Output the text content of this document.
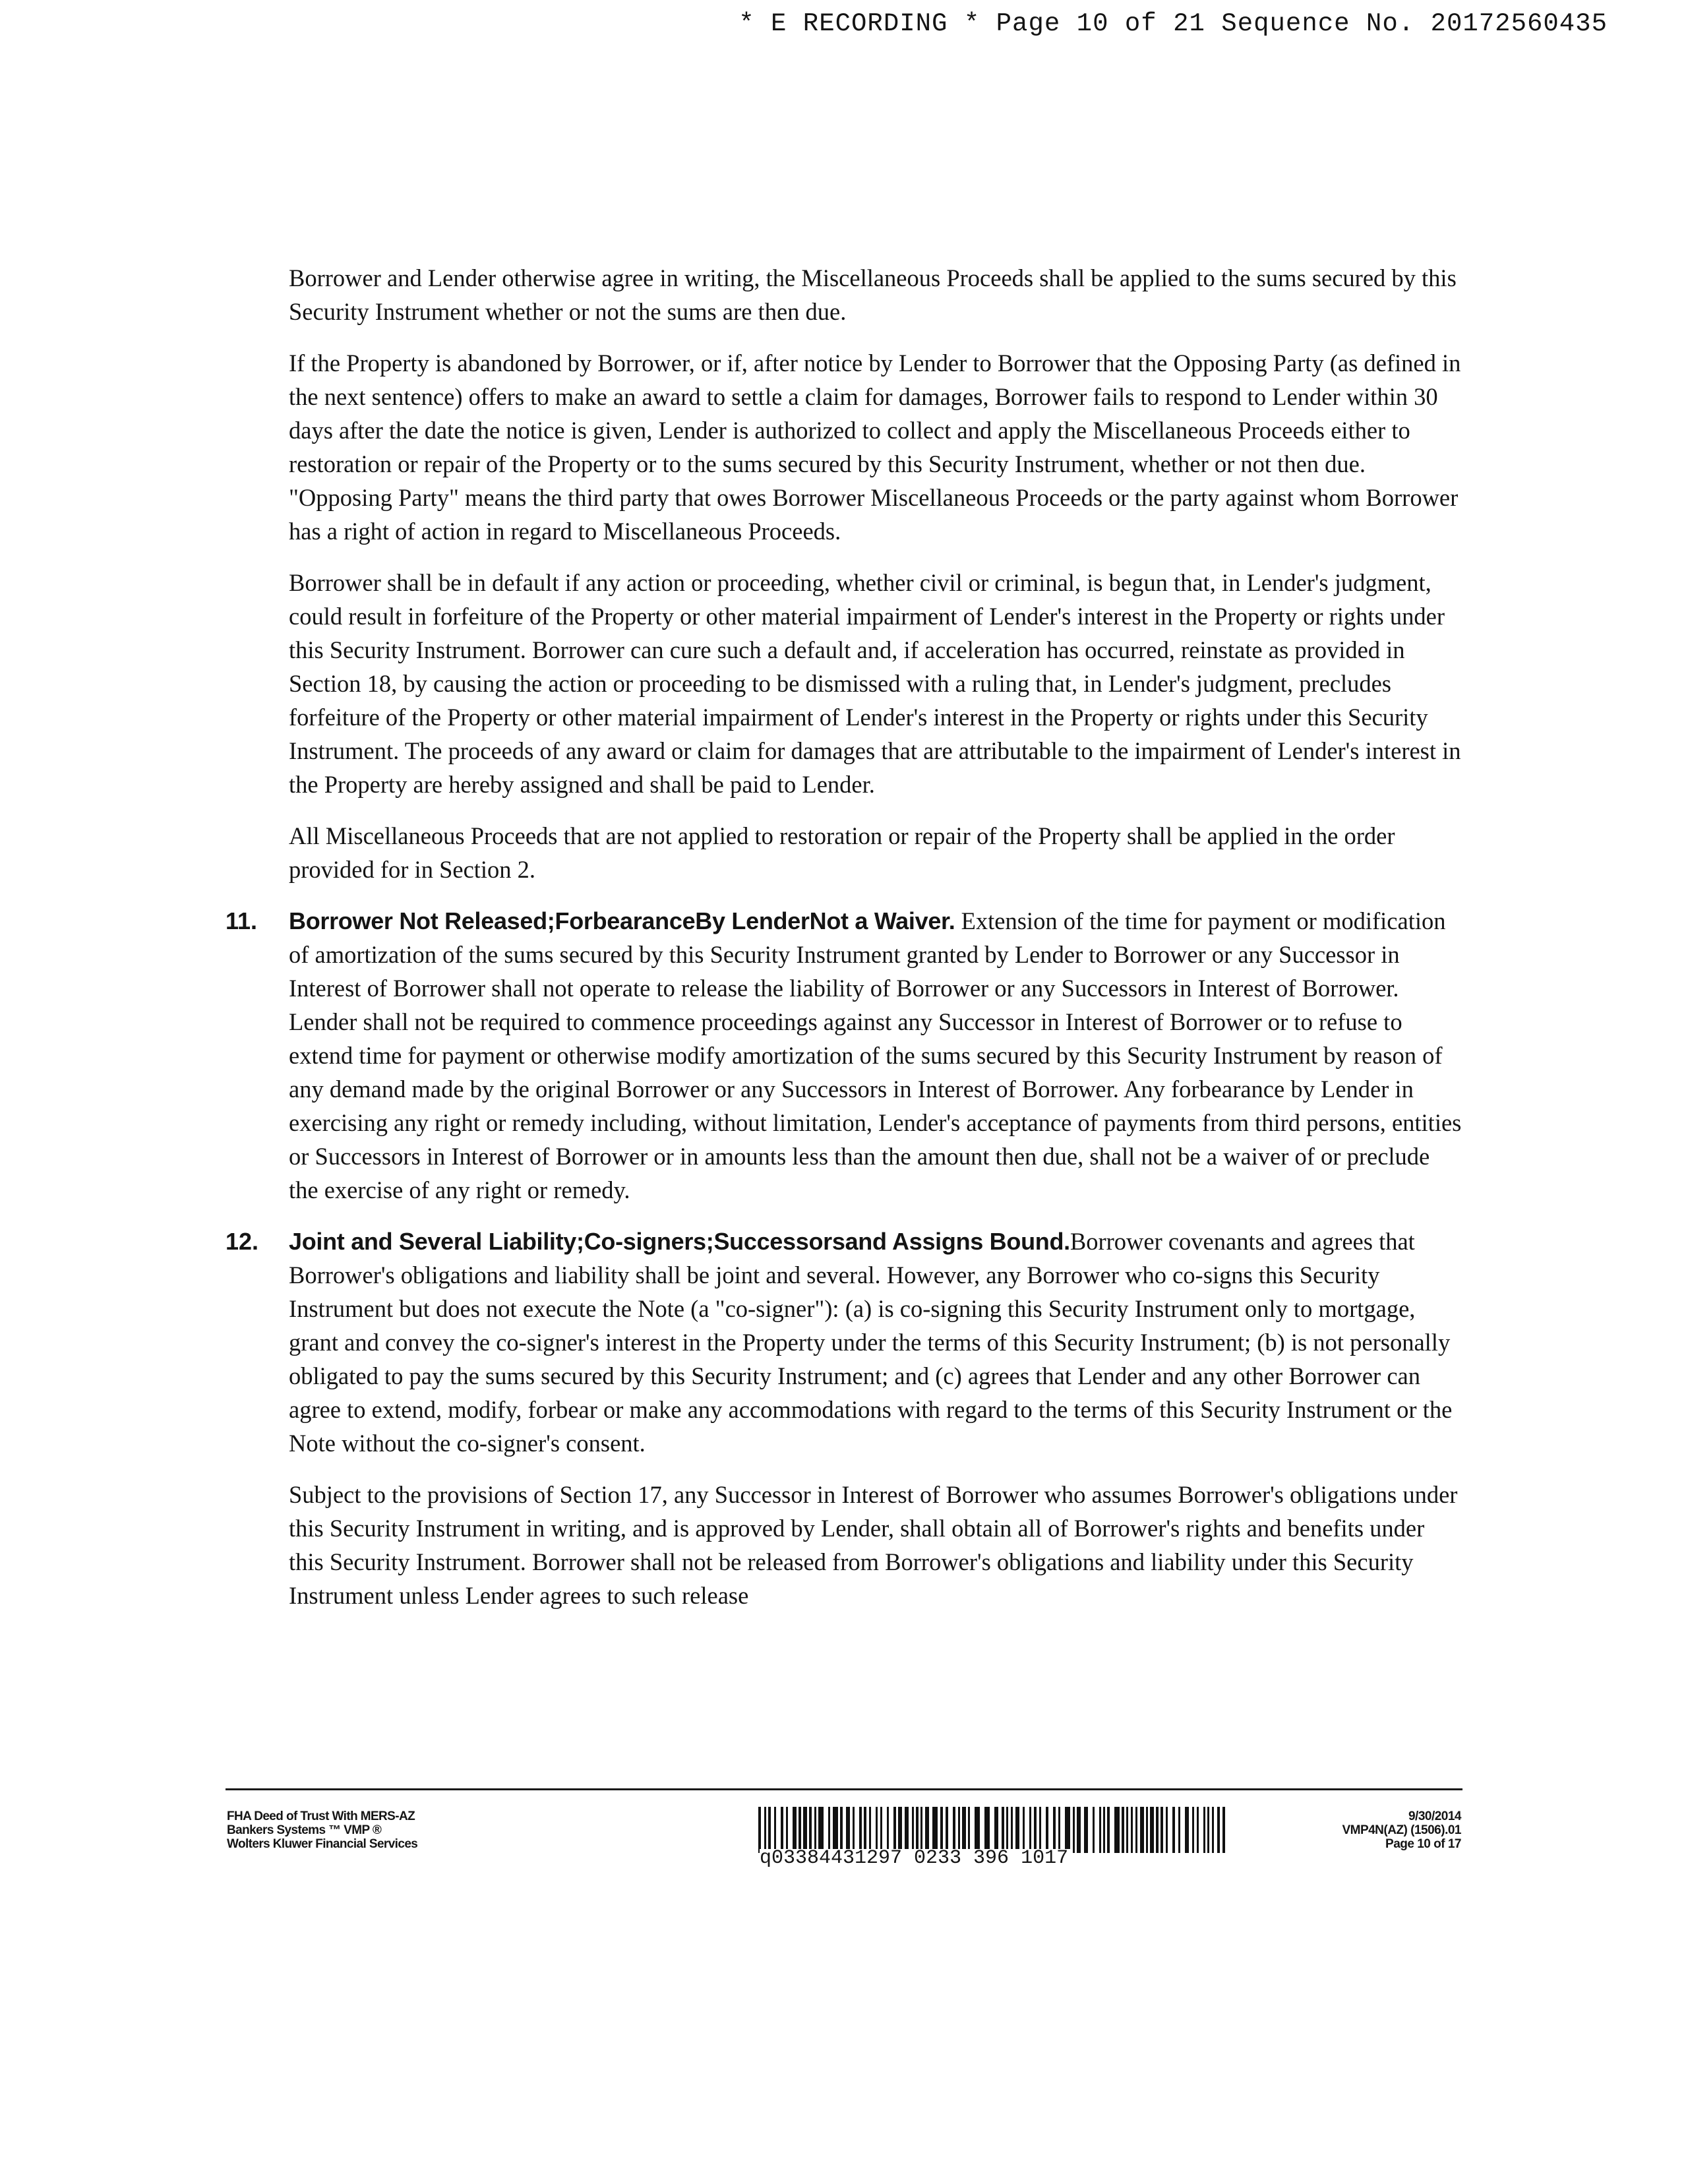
* E RECORDING * Page 10 of 21 Sequence No. 20172560435

Borrower and Lender otherwise agree in writing, the Miscellaneous Proceeds shall be applied to the sums secured by this Security Instrument whether or not the sums are then due.

If the Property is abandoned by Borrower, or if, after notice by Lender to Borrower that the Opposing Party (as defined in the next sentence) offers to make an award to settle a claim for damages, Borrower fails to respond to Lender within 30 days after the date the notice is given, Lender is authorized to collect and apply the Miscellaneous Proceeds either to restoration or repair of the Property or to the sums secured by this Security Instrument, whether or not then due. "Opposing Party" means the third party that owes Borrower Miscellaneous Proceeds or the party against whom Borrower has a right of action in regard to Miscellaneous Proceeds.

Borrower shall be in default if any action or proceeding, whether civil or criminal, is begun that, in Lender's judgment, could result in forfeiture of the Property or other material impairment of Lender's interest in the Property or rights under this Security Instrument. Borrower can cure such a default and, if acceleration has occurred, reinstate as provided in Section 18, by causing the action or proceeding to be dismissed with a ruling that, in Lender's judgment, precludes forfeiture of the Property or other material impairment of Lender's interest in the Property or rights under this Security Instrument. The proceeds of any award or claim for damages that are attributable to the impairment of Lender's interest in the Property are hereby assigned and shall be paid to Lender.

All Miscellaneous Proceeds that are not applied to restoration or repair of the Property shall be applied in the order provided for in Section 2.

11. Borrower Not Released;ForbearanceBy LenderNot a Waiver. Extension of the time for payment or modification of amortization of the sums secured by this Security Instrument granted by Lender to Borrower or any Successor in Interest of Borrower shall not operate to release the liability of Borrower or any Successors in Interest of Borrower. Lender shall not be required to commence proceedings against any Successor in Interest of Borrower or to refuse to extend time for payment or otherwise modify amortization of the sums secured by this Security Instrument by reason of any demand made by the original Borrower or any Successors in Interest of Borrower. Any forbearance by Lender in exercising any right or remedy including, without limitation, Lender's acceptance of payments from third persons, entities or Successors in Interest of Borrower or in amounts less than the amount then due, shall not be a waiver of or preclude the exercise of any right or remedy.
12. Joint and Several Liability;Co-signers;Successorsand Assigns Bound.Borrower covenants and agrees that Borrower's obligations and liability shall be joint and several. However, any Borrower who co-signs this Security Instrument but does not execute the Note (a "co-signer"): (a) is co-signing this Security Instrument only to mortgage, grant and convey the co-signer's interest in the Property under the terms of this Security Instrument; (b) is not personally obligated to pay the sums secured by this Security Instrument; and (c) agrees that Lender and any other Borrower can agree to extend, modify, forbear or make any accommodations with regard to the terms of this Security Instrument or the Note without the co-signer's consent.

Subject to the provisions of Section 17, any Successor in Interest of Borrower who assumes Borrower's obligations under this Security Instrument in writing, and is approved by Lender, shall obtain all of Borrower's rights and benefits under this Security Instrument. Borrower shall not be released from Borrower's obligations and liability under this Security Instrument unless Lender agrees to such release

FHA Deed of Trust With MERS-AZ
Bankers Systems ™ VMP ®
Wolters Kluwer Financial Services
q03384431297 0233 396 1017
9/30/2014
VMP4N(AZ) (1506).01
Page 10 of 17
